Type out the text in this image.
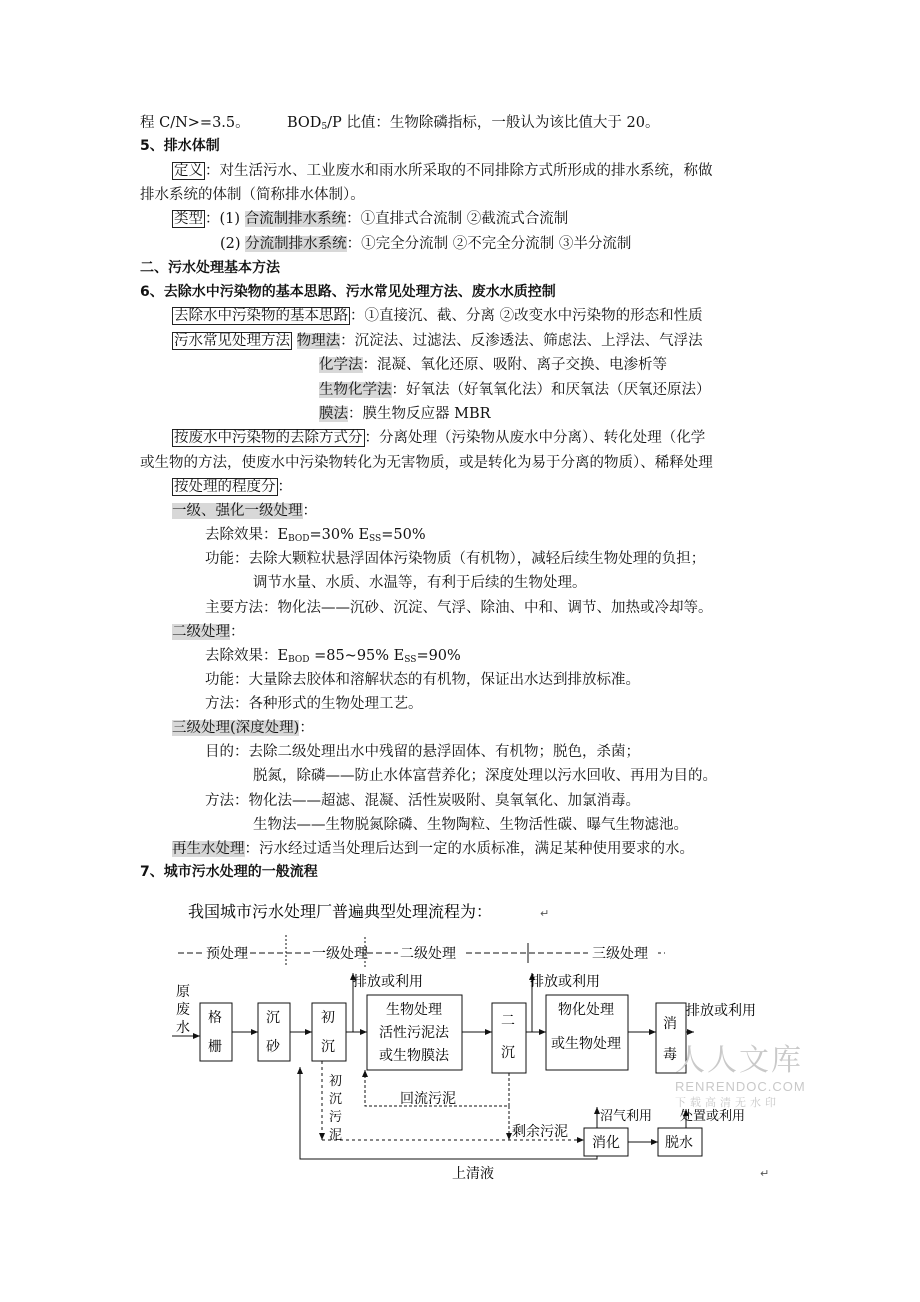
程 C/N>=3.5。	$BOD_5/P$ 比值：生物除磷指标，一般认为该比值大于 20。
5、排水体制
定义 ：对生活污水、工业废水和雨水所采取的不同排除方式所形成的排水系统，称做
排水系统的体制（简称排水体制）。
类型 ：(1) 合流制排水系统：①直排式合流制 ②截流式合流制
(2) 分流制排水系统：①完全分流制 ②不完全分流制 ③半分流制
二、污水处理基本方法
6、去除水中污染物的基本思路、污水常见处理方法、废水水质控制
去除水中污染物的基本思路 ：①直接沉、截、分离 ②改变水中污染物的形态和性质
污水常见处理方法 物理法：沉淀法、过滤法、反渗透法、筛虑法、上浮法、气浮法
化学法：混凝、氧化还原、吸附、离子交换、电渗析等
生物化学法：好氧法（好氧氧化法）和厌氧法（厌氧还原法）
膜法：膜生物反应器 MBR
按废水中污染物的去除方式分 ：分离处理（污染物从废水中分离）、转化处理（化学
或生物的方法，使废水中污染物转化为无害物质，或是转化为易于分离的物质）、稀释处理
按处理的程度分 ：
一级、强化一级处理：
去除效果：$E_{BOD}=30\%$ $E_{SS}=50\%$
功能：去除大颗粒状悬浮固体污染物质（有机物），减轻后续生物处理的负担；
调节水量、水质、水温等，有利于后续的生物处理。
主要方法：物化法——沉砂、沉淀、气浮、除油、中和、调节、加热或冷却等。
二级处理：
去除效果：$E_{BOD}$ =85~95% $E_{SS}=90\%$
功能：大量除去胶体和溶解状态的有机物，保证出水达到排放标准。
方法：各种形式的生物处理工艺。
三级处理(深度处理)：
目的：去除二级处理出水中残留的悬浮固体、有机物；脱色，杀菌；
脱氮，除磷——防止水体富营养化；深度处理以污水回收、再用为目的。
方法：物化法——超滤、混凝、活性炭吸附、臭氧氧化、加氯消毒。
生物法——生物脱氮除磷、生物陶粒、生物活性碳、曝气生物滤池。
再生水处理：污水经过适当处理后达到一定的水质标准，满足某种使用要求的水。
7、城市污水处理的一般流程
我国城市污水处理厂普遍典型处理流程为：	↵
预处理	一级处理 二级处理	三级处理
原
废
水
格
栅
沉
砂
初
沉
排放或利用
生物处理
活性污泥法
或生物膜法
二
沉
排放或利用
物化处理
或生物处理
消
毒
排放或利用
初
沉
污
泥
回流污泥
剩余污泥
消化
沼气利用
脱水
处置或利用
上清液	↵
人人文库
RENRENDOC.COM
下载高清无水印
